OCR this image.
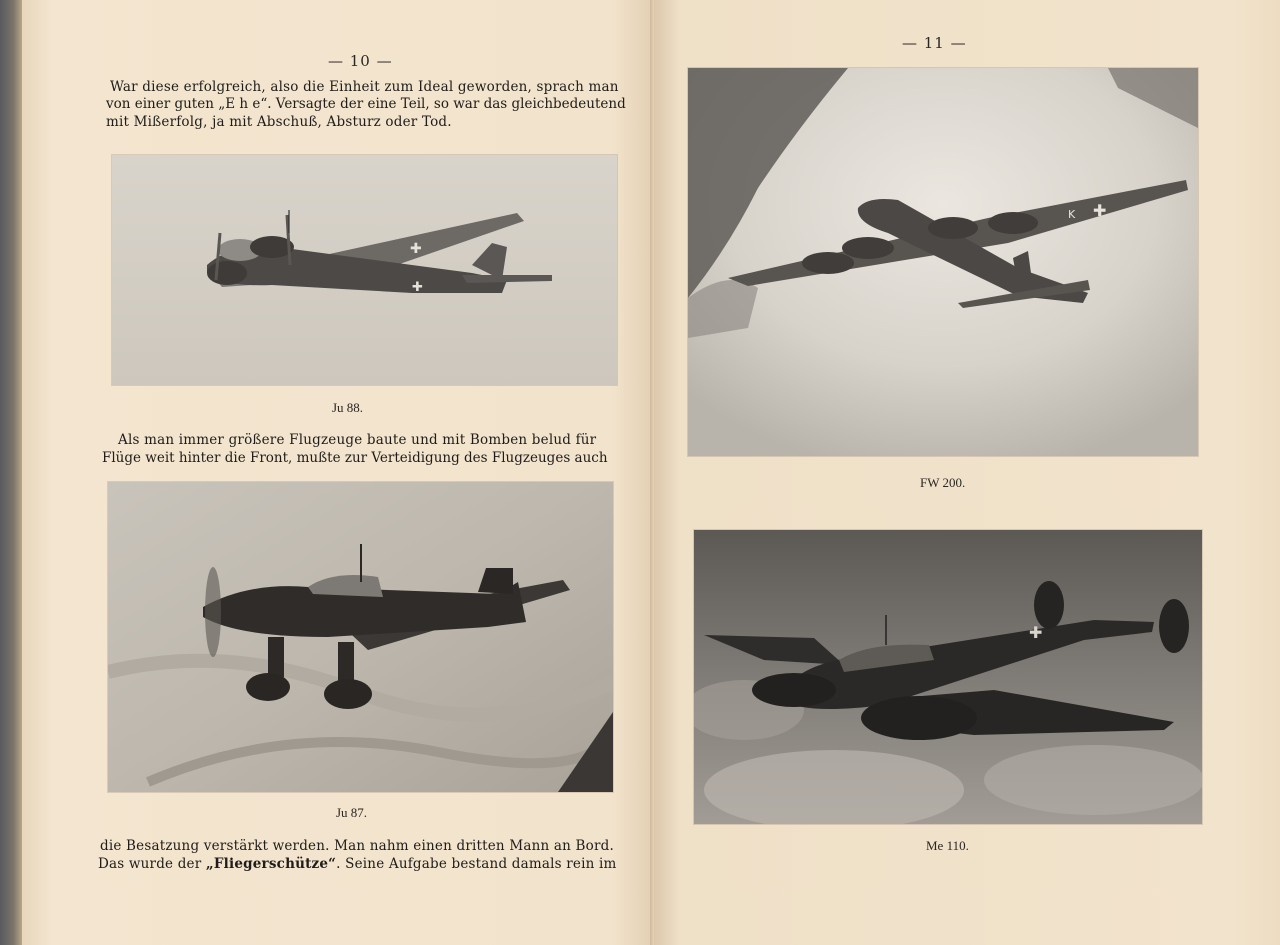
— 10 —
War diese erfolgreich, also die Einheit zum Ideal geworden, sprach man
von einer guten „E h e“. Versagte der eine Teil, so war das gleichbedeutend
mit Mißerfolg, ja mit Abschuß, Absturz oder Tod.
✚
✚
Ju 88.
Als man immer größere Flugzeuge baute und mit Bomben belud für
Flüge weit hinter die Front, mußte zur Verteidigung des Flugzeuges auch
Ju 87.
die Besatzung verstärkt werden. Man nahm einen dritten Mann an Bord.
Das wurde der „Fliegerschütze“. Seine Aufgabe bestand damals rein im
— 11 —
✚
K
FW 200.
✚
Me 110.
